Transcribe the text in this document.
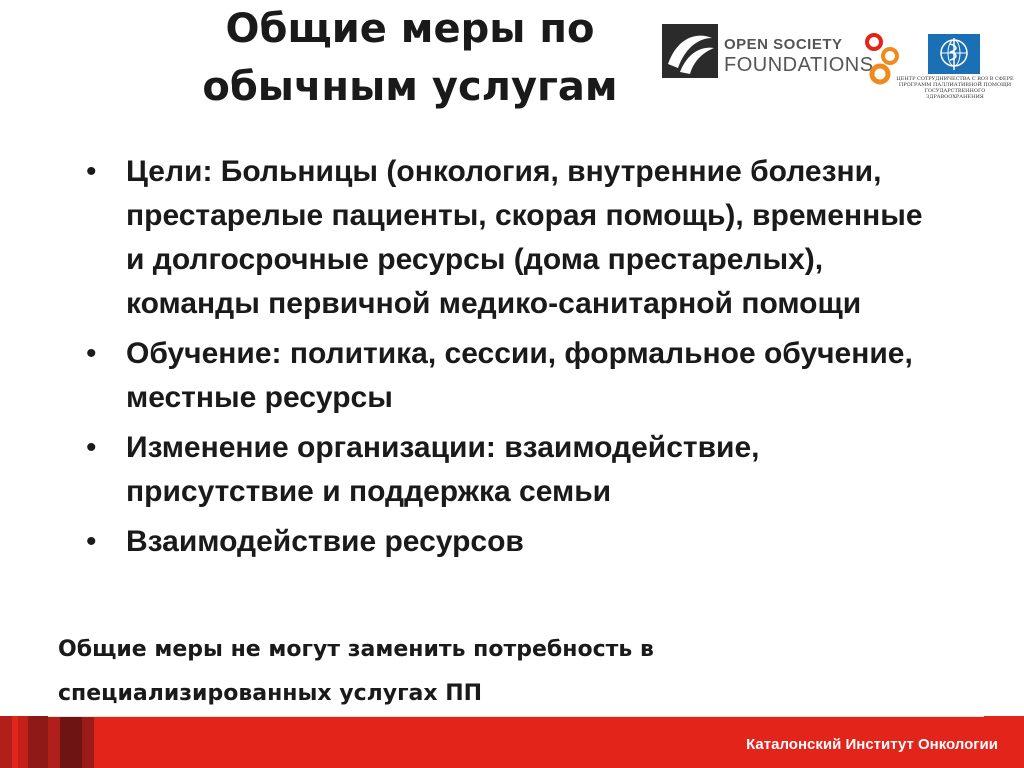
Общие меры по обычным услугам
OPEN SOCIETY
FOUNDATIONS
ЦЕНТР СОТРУДНИЧЕСТВА С ВОЗ В СФЕРЕ ПРОГРАММ ПАЛЛИАТИВНОЙ ПОМОЩИ ГОСУДАРСТВЕННОГО ЗДРАВООХРАНЕНИЯ
• Цели: Больницы (онкология, внутренние болезни, престарелые пациенты, скорая помощь), временные и долгосрочные ресурсы (дома престарелых), команды первичной медико-санитарной помощи
• Обучение: политика, сессии, формальное обучение, местные ресурсы
• Изменение организации: взаимодействие, присутствие и поддержка семьи
• Взаимодействие ресурсов
Общие меры не могут заменить потребность в
специализированных услугах ПП
Каталонский Институт Онкологии
